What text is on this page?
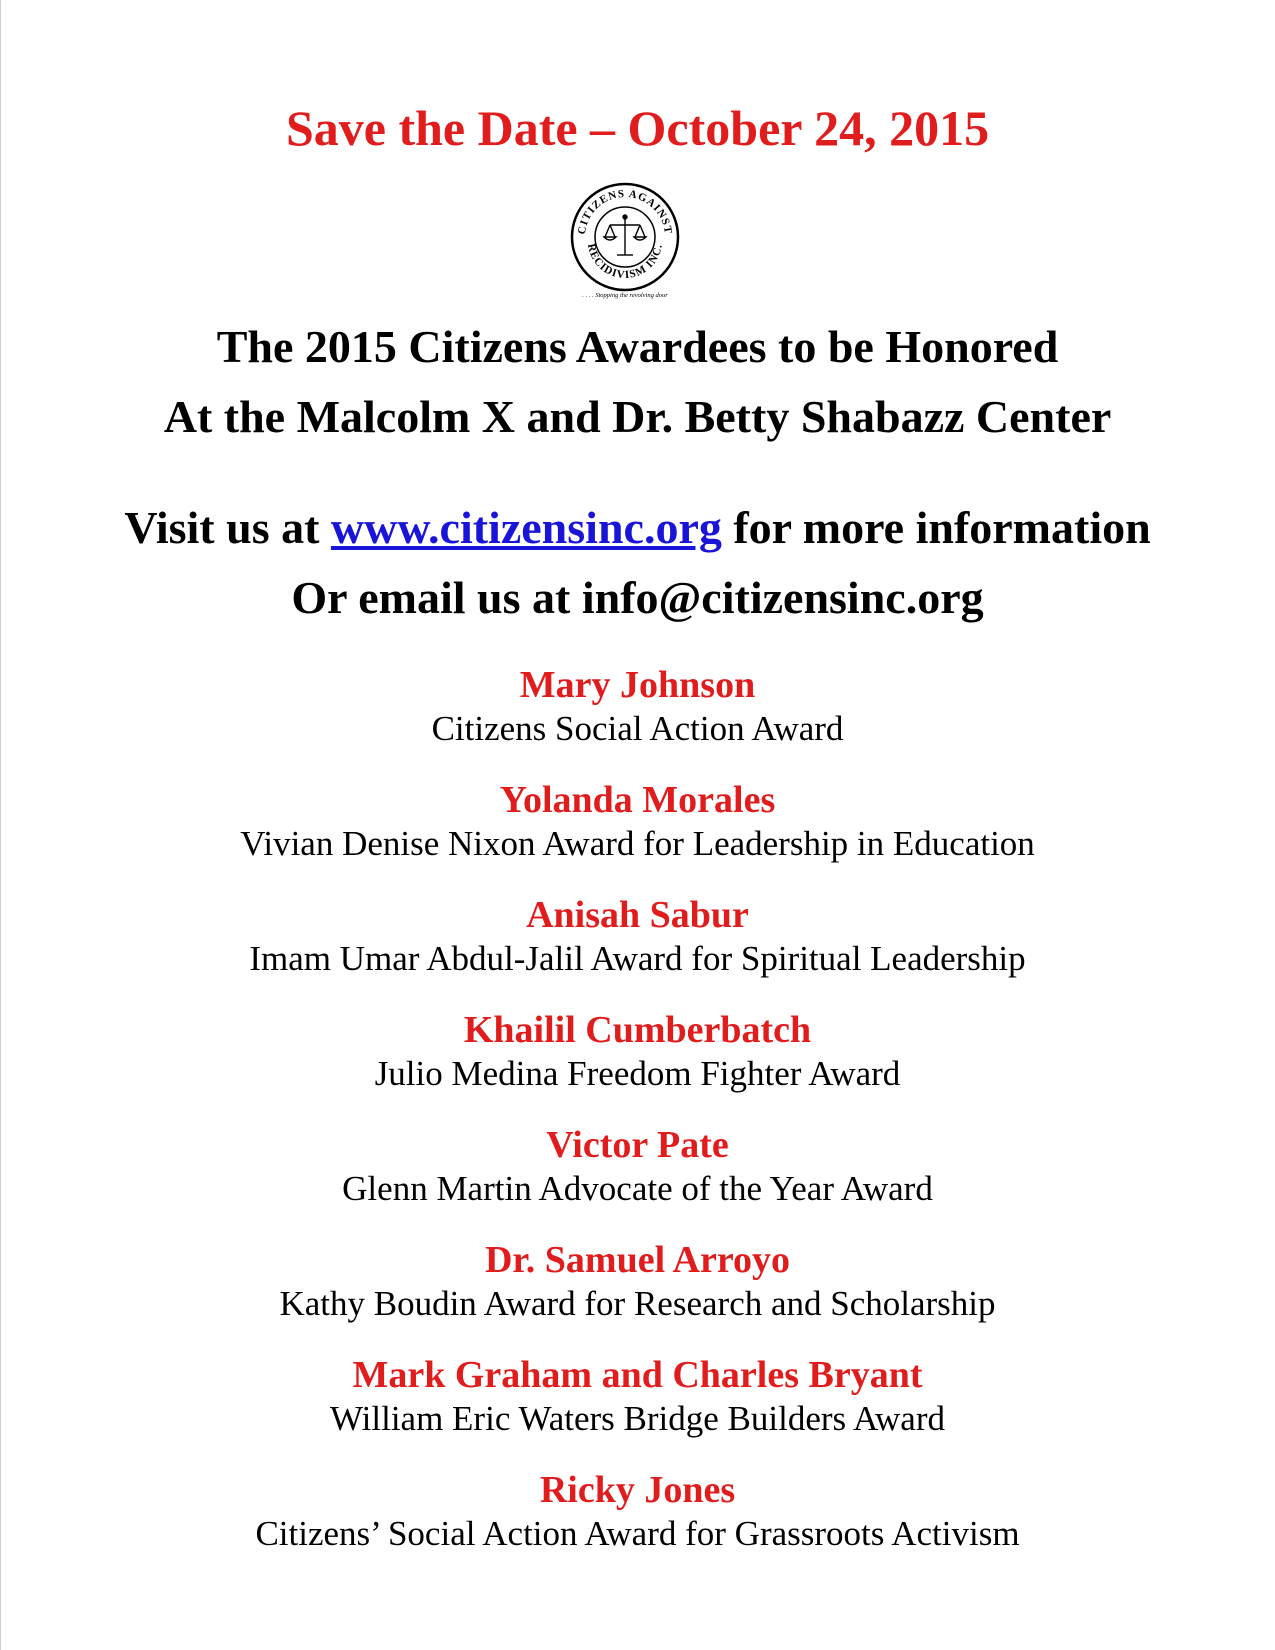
Save the Date – October 24, 2015
CITIZENS AGAINST
RECIDIVISM INC.
. . . . Stopping the revolving door
The 2015 Citizens Awardees to be Honored
At the Malcolm X and Dr. Betty Shabazz Center
Visit us at www.citizensinc.org for more information
Or email us at info@citizensinc.org
Mary Johnson
Citizens Social Action Award
Yolanda Morales
Vivian Denise Nixon Award for Leadership in Education
Anisah Sabur
Imam Umar Abdul-Jalil Award for Spiritual Leadership
Khailil Cumberbatch
Julio Medina Freedom Fighter Award
Victor Pate
Glenn Martin Advocate of the Year Award
Dr. Samuel Arroyo
Kathy Boudin Award for Research and Scholarship
Mark Graham and Charles Bryant
William Eric Waters Bridge Builders Award
Ricky Jones
Citizens’ Social Action Award for Grassroots Activism
